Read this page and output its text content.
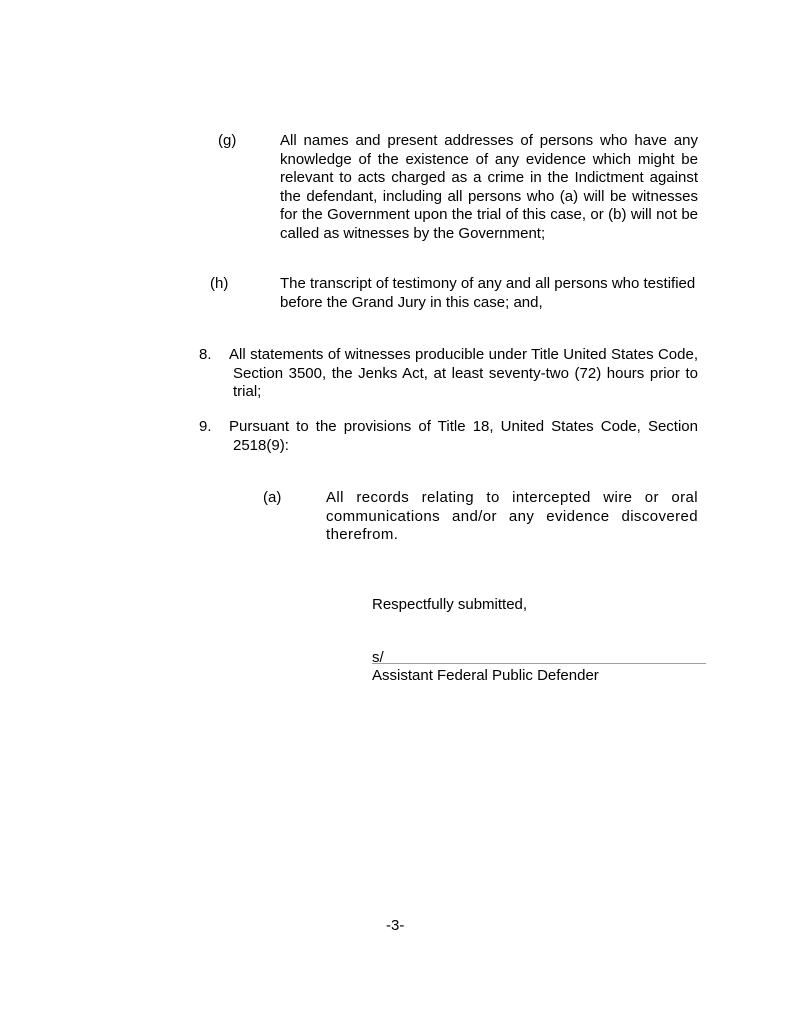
(g)	All names and present addresses of persons who have any knowledge of the existence of any evidence which might be relevant to acts charged as a crime in the Indictment against the defendant, including all persons who (a) will be witnesses for the Government upon the trial of this case, or (b) will not be called as witnesses by the Government;
(h)	The transcript of testimony of any and all persons who testified before the Grand Jury in this case; and,
8. All statements of witnesses producible under Title United States Code, Section 3500, the Jenks Act, at least seventy-two (72) hours prior to trial;
9. Pursuant to the provisions of Title 18, United States Code, Section 2518(9):
(a)	All records relating to intercepted wire or oral communications and/or any evidence discovered therefrom.
Respectfully submitted,
s/
Assistant Federal Public Defender
-3-
